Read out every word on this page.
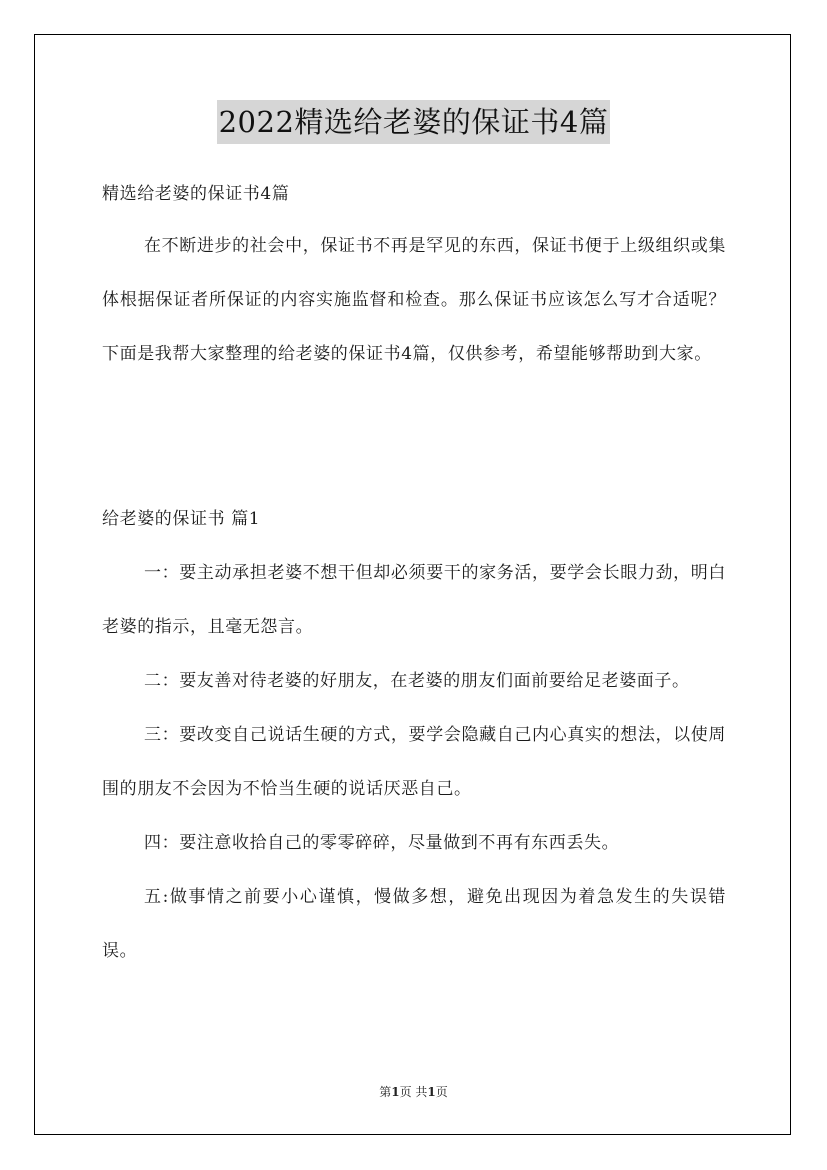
2022精选给老婆的保证书4篇
精选给老婆的保证书4篇

在不断进步的社会中，保证书不再是罕见的东西，保证书便于上级组织或集体根据保证者所保证的内容实施监督和检查。那么保证书应该怎么写才合适呢？下面是我帮大家整理的给老婆的保证书4篇，仅供参考，希望能够帮助到大家。

给老婆的保证书 篇1

一：要主动承担老婆不想干但却必须要干的家务活，要学会长眼力劲，明白老婆的指示，且毫无怨言。

二：要友善对待老婆的好朋友，在老婆的朋友们面前要给足老婆面子。

三：要改变自己说话生硬的方式，要学会隐藏自己内心真实的想法，以使周围的朋友不会因为不恰当生硬的说话厌恶自己。

四：要注意收拾自己的零零碎碎，尽量做到不再有东西丢失。

五:做事情之前要小心谨慎，慢做多想，避免出现因为着急发生的失误错误。

第1页 共1页
